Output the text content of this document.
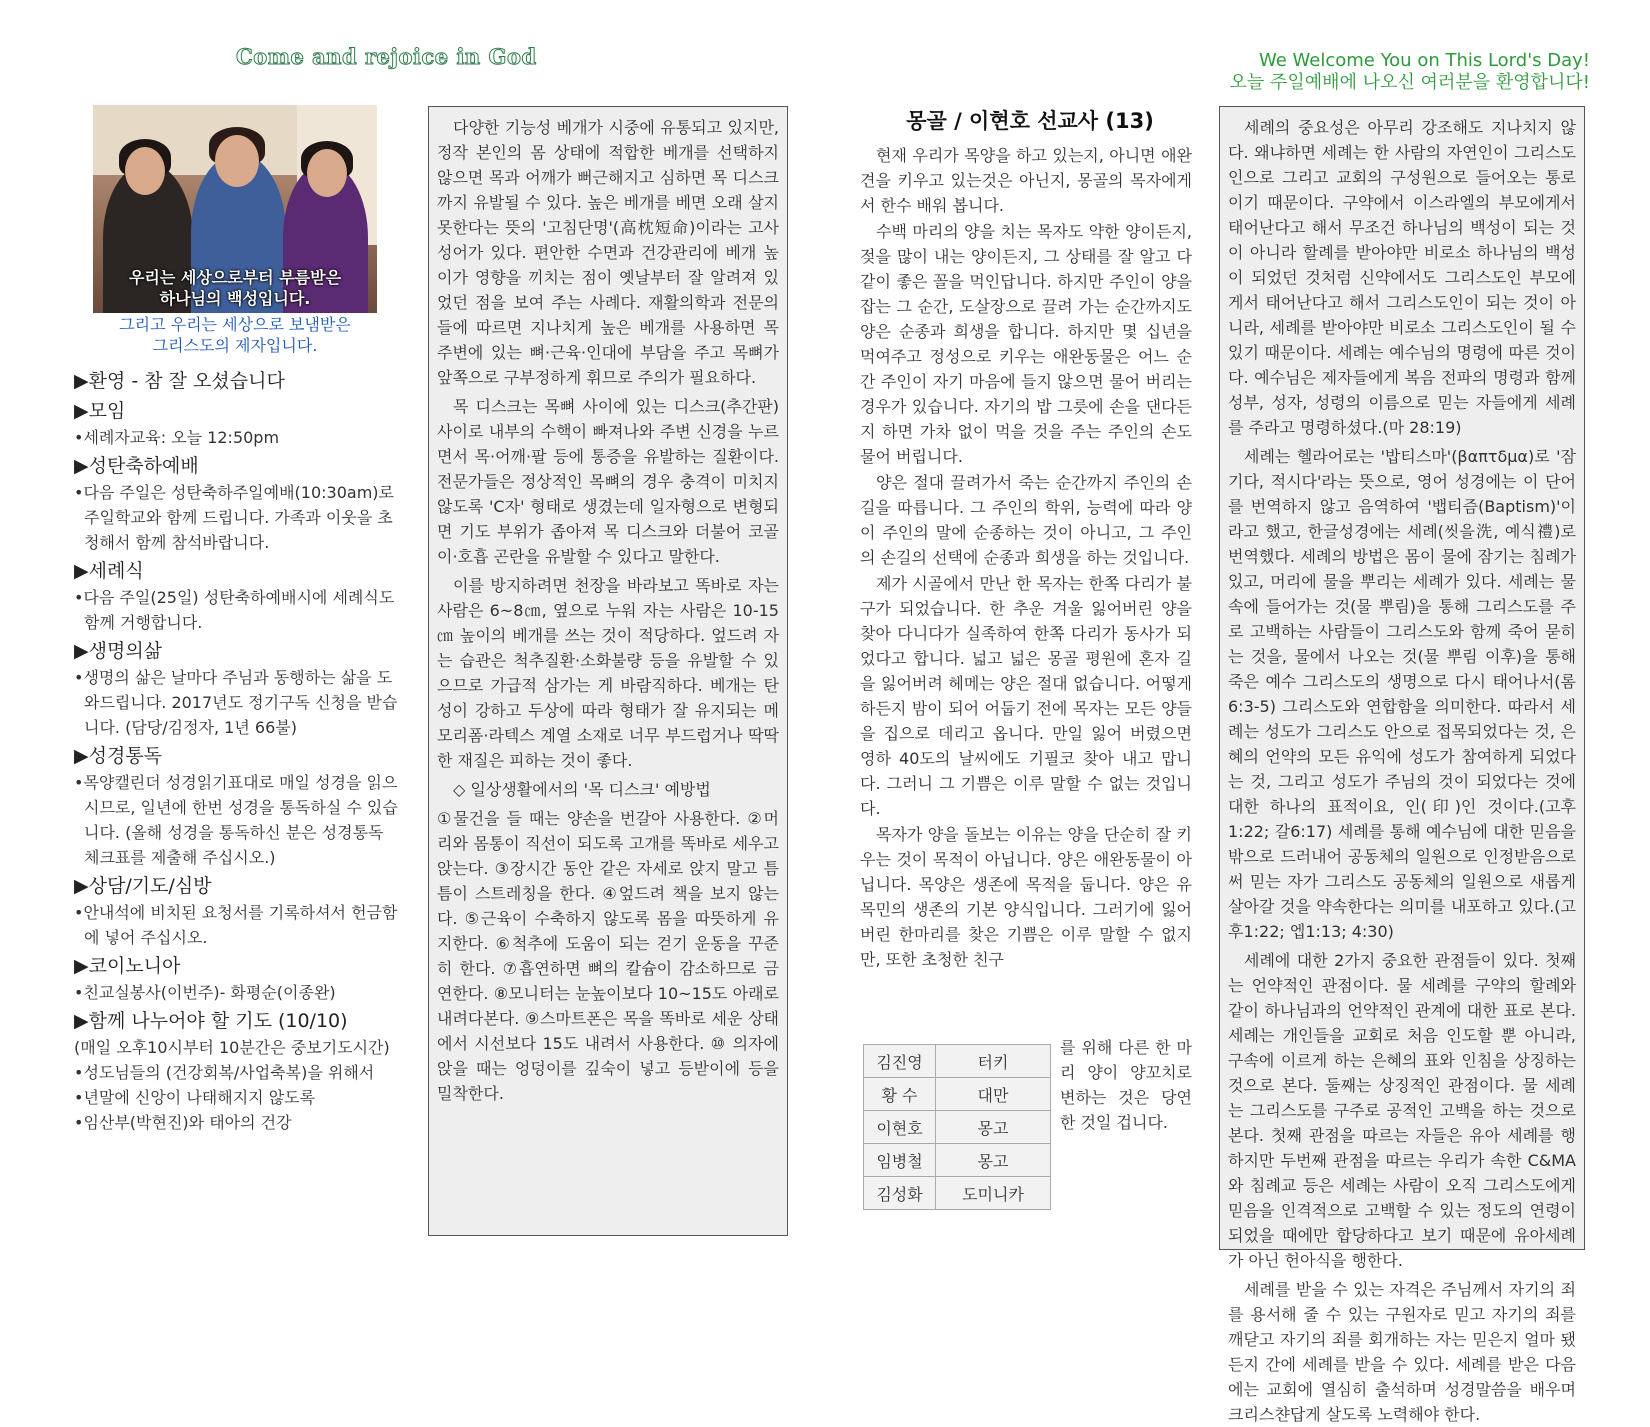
Come and rejoice in God	We Welcome You on This Lord's Day!
오늘 주일예배에 나오신 여러분을 환영합니다!
우리는 세상으로부터 부름받은
하나님의 백성입니다.
그리고 우리는 세상으로 보냄받은
그리스도의 제자입니다.
▶환영 - 참 잘 오셨습니다
▶모임
•세례자교육: 오늘 12:50pm
▶성탄축하예배
•다음 주일은 성탄축하주일예배(10:30am)로 주일학교와 함께 드립니다. 가족과 이웃을 초청해서 함께 참석바랍니다.
▶세례식
•다음 주일(25일) 성탄축하예배시에 세례식도 함께 거행합니다.
▶생명의삶
•생명의 삶은 날마다 주님과 동행하는 삶을 도와드립니다. 2017년도 정기구독 신청을 받습니다. (담당/김정자, 1년 66불)
▶성경통독
•목양캘린더 성경읽기표대로 매일 성경을 읽으시므로, 일년에 한번 성경을 통독하실 수 있습니다. (올해 성경을 통독하신 분은 성경통독 체크표를 제출해 주십시오.)
▶상담/기도/심방
•안내석에 비치된 요청서를 기록하셔서 헌금함에 넣어 주십시오.
▶코이노니아
•친교실봉사(이번주)- 화평순(이종완)
▶함께 나누어야 할 기도 (10/10)
(매일 오후10시부터 10분간은 중보기도시간)
•성도님들의 (건강회복/사업축복)을 위해서
•년말에 신앙이 나태해지지 않도록
•임산부(박현진)와 태아의 건강

다양한 기능성 베개가 시중에 유통되고 있지만, 정작 본인의 몸 상태에 적합한 베개를 선택하지 않으면 목과 어깨가 뻐근해지고 심하면 목 디스크까지 유발될 수 있다. 높은 베개를 베면 오래 살지 못한다는 뜻의 '고침단명'(高枕短命)이라는 고사성어가 있다. 편안한 수면과 건강관리에 베개 높이가 영향을 끼치는 점이 옛날부터 잘 알려져 있었던 점을 보여 주는 사례다. 재활의학과 전문의들에 따르면 지나치게 높은 베개를 사용하면 목 주변에 있는 뼈·근육·인대에 부담을 주고 목뼈가 앞쪽으로 구부정하게 휘므로 주의가 필요하다.

목 디스크는 목뼈 사이에 있는 디스크(추간판) 사이로 내부의 수핵이 빠져나와 주변 신경을 누르면서 목·어깨·팔 등에 통증을 유발하는 질환이다. 전문가들은 정상적인 목뼈의 경우 충격이 미치지 않도록 'C자' 형태로 생겼는데 일자형으로 변형되면 기도 부위가 좁아져 목 디스크와 더불어 코골이·호흡 곤란을 유발할 수 있다고 말한다.

이를 방지하려면 천장을 바라보고 똑바로 자는 사람은 6~8㎝, 옆으로 누워 자는 사람은 10-15㎝ 높이의 베개를 쓰는 것이 적당하다. 엎드려 자는 습관은 척추질환·소화불량 등을 유발할 수 있으므로 가급적 삼가는 게 바람직하다. 베개는 탄성이 강하고 두상에 따라 형태가 잘 유지되는 메모리폼·라텍스 계열 소재로 너무 부드럽거나 딱딱한 재질은 피하는 것이 좋다.

◇ 일상생활에서의 '목 디스크' 예방법

①물건을 들 때는 양손을 번갈아 사용한다. ②머리와 몸통이 직선이 되도록 고개를 똑바로 세우고 앉는다. ③장시간 동안 같은 자세로 앉지 말고 틈틈이 스트레칭을 한다. ④엎드려 책을 보지 않는다. ⑤근육이 수축하지 않도록 몸을 따뜻하게 유지한다. ⑥척추에 도움이 되는 걷기 운동을 꾸준히 한다. ⑦흡연하면 뼈의 칼슘이 감소하므로 금연한다. ⑧모니터는 눈높이보다 10~15도 아래로 내려다본다. ⑨스마트폰은 목을 똑바로 세운 상태에서 시선보다 15도 내려서 사용한다. ⑩ 의자에 앉을 때는 엉덩이를 깊숙이 넣고 등받이에 등을 밀착한다.

몽골 / 이현호 선교사 (13)

현재 우리가 목양을 하고 있는지, 아니면 애완견을 키우고 있는것은 아닌지, 몽골의 목자에게서 한수 배워 봅니다.

수백 마리의 양을 치는 목자도 약한 양이든지, 젖을 많이 내는 양이든지, 그 상태를 잘 알고 다같이 좋은 꼴을 먹인답니다. 하지만 주인이 양을 잡는 그 순간, 도살장으로 끌려 가는 순간까지도 양은 순종과 희생을 합니다. 하지만 몇 십년을 먹여주고 정성으로 키우는 애완동물은 어느 순간 주인이 자기 마음에 들지 않으면 물어 버리는 경우가 있습니다. 자기의 밥 그릇에 손을 댄다든지 하면 가차 없이 먹을 것을 주는 주인의 손도 물어 버립니다.

양은 절대 끌려가서 죽는 순간까지 주인의 손길을 따릅니다. 그 주인의 학위, 능력에 따라 양이 주인의 말에 순종하는 것이 아니고, 그 주인의 손길의 선택에 순종과 희생을 하는 것입니다.

제가 시골에서 만난 한 목자는 한쪽 다리가 불구가 되었습니다. 한 추운 겨울 잃어버린 양을 찾아 다니다가 실족하여 한쪽 다리가 동사가 되었다고 합니다. 넓고 넓은 몽골 평원에 혼자 길을 잃어버려 헤메는 양은 절대 없습니다. 어떻게하든지 밤이 되어 어둡기 전에 목자는 모든 양들을 집으로 데리고 옵니다. 만일 잃어 버렸으면 영하 40도의 날씨에도 기필코 찾아 내고 맙니다. 그러니 그 기쁨은 이루 말할 수 없는 것입니다.

목자가 양을 돌보는 이유는 양을 단순히 잘 키우는 것이 목적이 아닙니다. 양은 애완동물이 아닙니다. 목양은 생존에 목적을 둡니다. 양은 유목민의 생존의 기본 양식입니다. 그러기에 잃어버린 한마리를 찾은 기쁨은 이루 말할 수 없지만, 또한 초청한 친구

김진영	터키
황 수	대만
이현호	몽고
임병철	몽고
김성화	도미니카
를 위해 다른 한 마리 양이 양꼬치로 변하는 것은 당연한 것일 겁니다.

세례의 중요성은 아무리 강조해도 지나치지 않다. 왜냐하면 세례는 한 사람의 자연인이 그리스도인으로 그리고 교회의 구성원으로 들어오는 통로이기 때문이다. 구약에서 이스라엘의 부모에게서 태어난다고 해서 무조건 하나님의 백성이 되는 것이 아니라 할례를 받아야만 비로소 하나님의 백성이 되었던 것처럼 신약에서도 그리스도인 부모에게서 태어난다고 해서 그리스도인이 되는 것이 아니라, 세례를 받아야만 비로소 그리스도인이 될 수 있기 때문이다. 세례는 예수님의 명령에 따른 것이다. 예수님은 제자들에게 복음 전파의 명령과 함께 성부, 성자, 성령의 이름으로 믿는 자들에게 세례를 주라고 명령하셨다.(마 28:19)

세례는 헬라어로는 '밥티스마'(βαπτδμα)로 '잠기다, 적시다'라는 뜻으로, 영어 성경에는 이 단어를 번역하지 않고 음역하여 '뱁티즘(Baptism)'이라고 했고, 한글성경에는 세례(씻을洗, 예식禮)로 번역했다. 세례의 방법은 몸이 물에 잠기는 침례가 있고, 머리에 물을 뿌리는 세례가 있다. 세례는 물 속에 들어가는 것(물 뿌림)을 통해 그리스도를 주로 고백하는 사람들이 그리스도와 함께 죽어 묻히는 것을, 물에서 나오는 것(물 뿌림 이후)을 통해 죽은 예수 그리스도의 생명으로 다시 태어나서(롬6:3-5) 그리스도와 연합함을 의미한다. 따라서 세례는 성도가 그리스도 안으로 접목되었다는 것, 은혜의 언약의 모든 유익에 성도가 참여하게 되었다는 것, 그리고 성도가 주님의 것이 되었다는 것에 대한 하나의 표적이요, 인(印)인 것이다.(고후1:22; 갈6:17) 세례를 통해 예수님에 대한 믿음을 밖으로 드러내어 공동체의 일원으로 인정받음으로써 믿는 자가 그리스도 공동체의 일원으로 새롭게 살아갈 것을 약속한다는 의미를 내포하고 있다.(고후1:22; 엡1:13; 4:30)

세례에 대한 2가지 중요한 관점들이 있다. 첫째는 언약적인 관점이다. 물 세례를 구약의 할례와 같이 하나님과의 언약적인 관계에 대한 표로 본다. 세례는 개인들을 교회로 처음 인도할 뿐 아니라, 구속에 이르게 하는 은혜의 표와 인침을 상징하는 것으로 본다. 둘째는 상징적인 관점이다. 물 세례는 그리스도를 구주로 공적인 고백을 하는 것으로 본다. 첫째 관점을 따르는 자들은 유아 세례를 행하지만 두번째 관점을 따르는 우리가 속한 C&MA와 침례교 등은 세례는 사람이 오직 그리스도에게 믿음을 인격적으로 고백할 수 있는 정도의 연령이 되었을 때에만 합당하다고 보기 때문에 유아세례가 아닌 헌아식을 행한다.

세례를 받을 수 있는 자격은 주님께서 자기의 죄를 용서해 줄 수 있는 구원자로 믿고 자기의 죄를 깨닫고 자기의 죄를 회개하는 자는 믿은지 얼마 됐든지 간에 세례를 받을 수 있다. 세례를 받은 다음에는 교회에 열심히 출석하며 성경말씀을 배우며 크리스챤답게 살도록 노력해야 한다.
